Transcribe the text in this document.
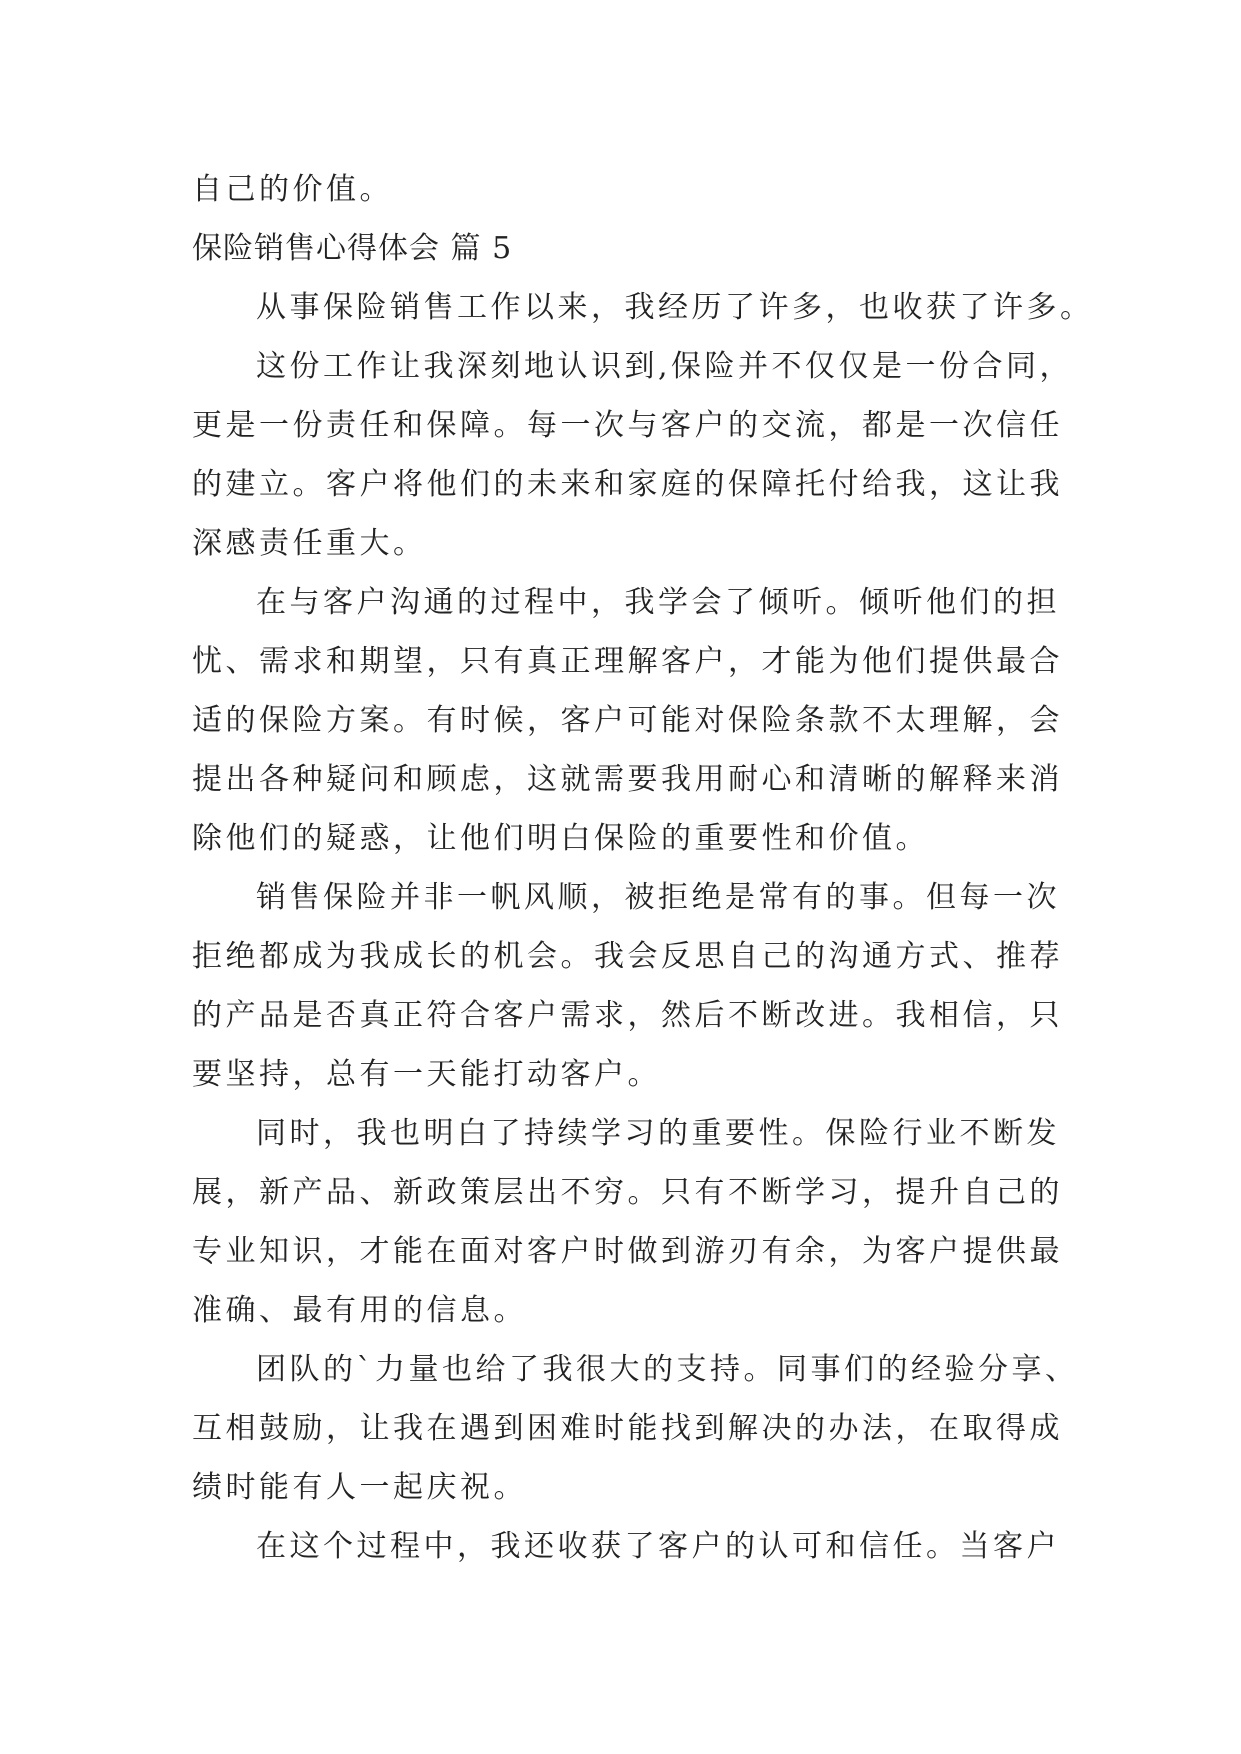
自己的价值。
保险销售心得体会 篇 5
从事保险销售工作以来，我经历了许多，也收获了许多。
这份工作让我深刻地认识到,保险并不仅仅是一份合同，
更是一份责任和保障。每一次与客户的交流，都是一次信任
的建立。客户将他们的未来和家庭的保障托付给我，这让我
深感责任重大。
在与客户沟通的过程中，我学会了倾听。倾听他们的担
忧、需求和期望，只有真正理解客户，才能为他们提供最合
适的保险方案。有时候，客户可能对保险条款不太理解，会
提出各种疑问和顾虑，这就需要我用耐心和清晰的解释来消
除他们的疑惑，让他们明白保险的重要性和价值。
销售保险并非一帆风顺，被拒绝是常有的事。但每一次
拒绝都成为我成长的机会。我会反思自己的沟通方式、推荐
的产品是否真正符合客户需求，然后不断改进。我相信，只
要坚持，总有一天能打动客户。
同时，我也明白了持续学习的重要性。保险行业不断发
展，新产品、新政策层出不穷。只有不断学习，提升自己的
专业知识，才能在面对客户时做到游刃有余，为客户提供最
准确、最有用的信息。
团队的`力量也给了我很大的支持。同事们的经验分享、
互相鼓励，让我在遇到困难时能找到解决的办法，在取得成
绩时能有人一起庆祝。
在这个过程中，我还收获了客户的认可和信任。当客户
